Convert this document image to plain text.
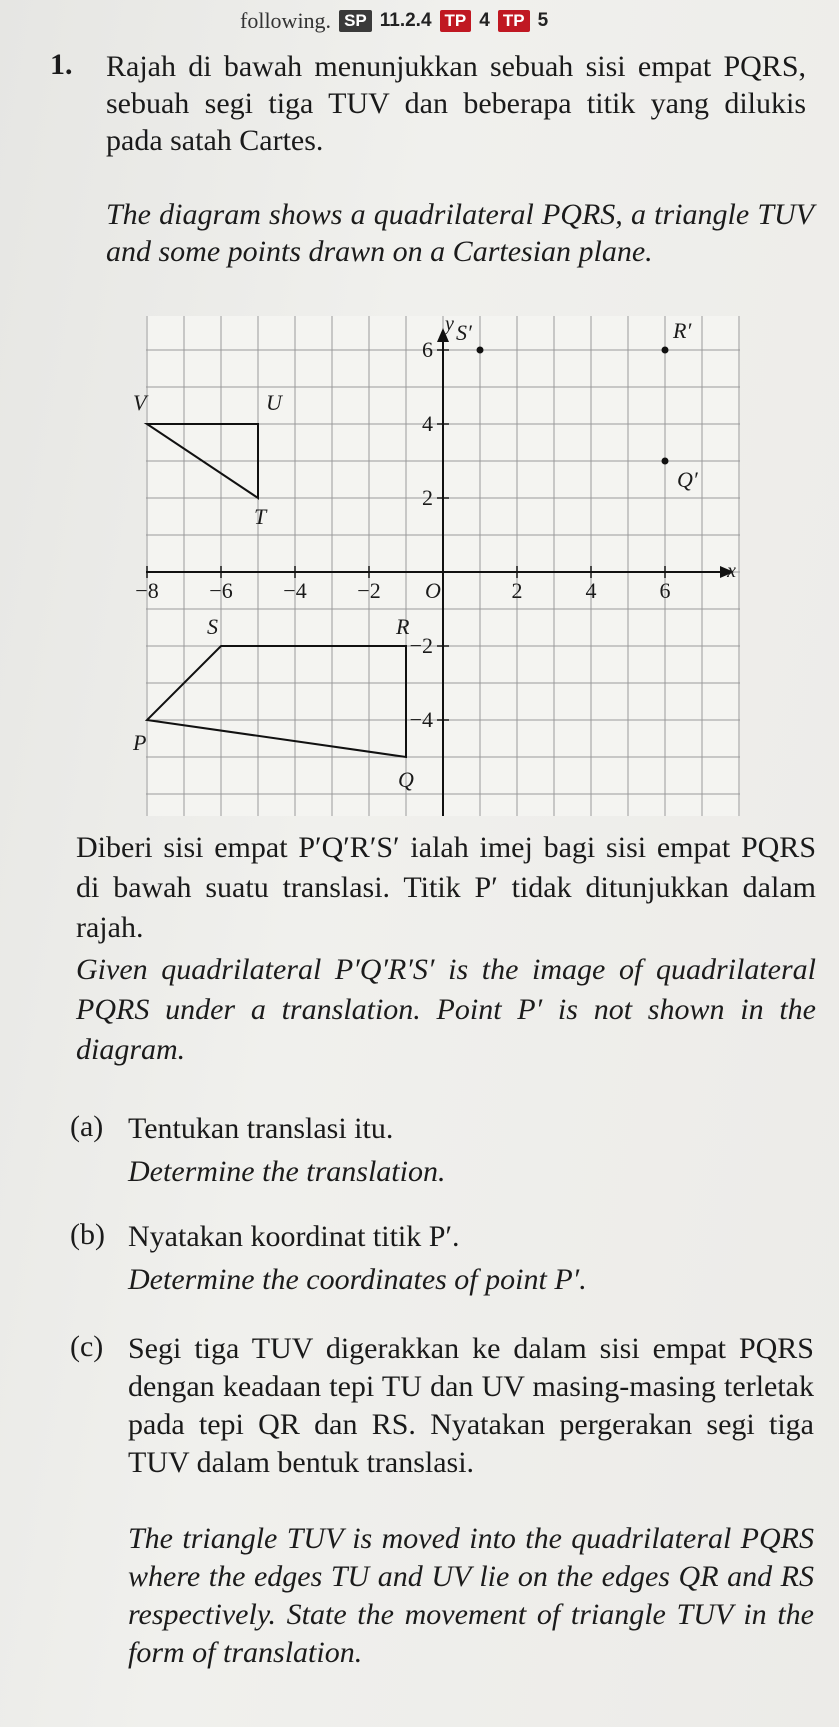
following. SP 11.2.4 TP 4 TP 5
1. Rajah di bawah menunjukkan sebuah sisi empat PQRS, sebuah segi tiga TUV dan beberapa titik yang dilukis pada satah Cartes.

The diagram shows a quadrilateral PQRS, a triangle TUV and some points drawn on a Cartesian plane.

−8 −6 −4 −2	2	4	6
6
4
2
−2
−4
O
x
y
P
Q
R
S
T
U
V
S′	R′
Q′

Diberi sisi empat P′Q′R′S′ ialah imej bagi sisi empat PQRS di bawah suatu translasi. Titik P′ tidak ditunjukkan dalam rajah.

Given quadrilateral P′Q′R′S′ is the image of quadrilateral PQRS under a translation. Point P′ is not shown in the diagram.

(a) Tentukan translasi itu.

Determine the translation.

(b) Nyatakan koordinat titik P′.

Determine the coordinates of point P′.

(c) Segi tiga TUV digerakkan ke dalam sisi empat PQRS dengan keadaan tepi TU dan UV masing-masing terletak pada tepi QR dan RS. Nyatakan pergerakan segi tiga TUV dalam bentuk translasi.

The triangle TUV is moved into the quadrilateral PQRS where the edges TU and UV lie on the edges QR and RS respectively. State the movement of triangle TUV in the form of translation.
